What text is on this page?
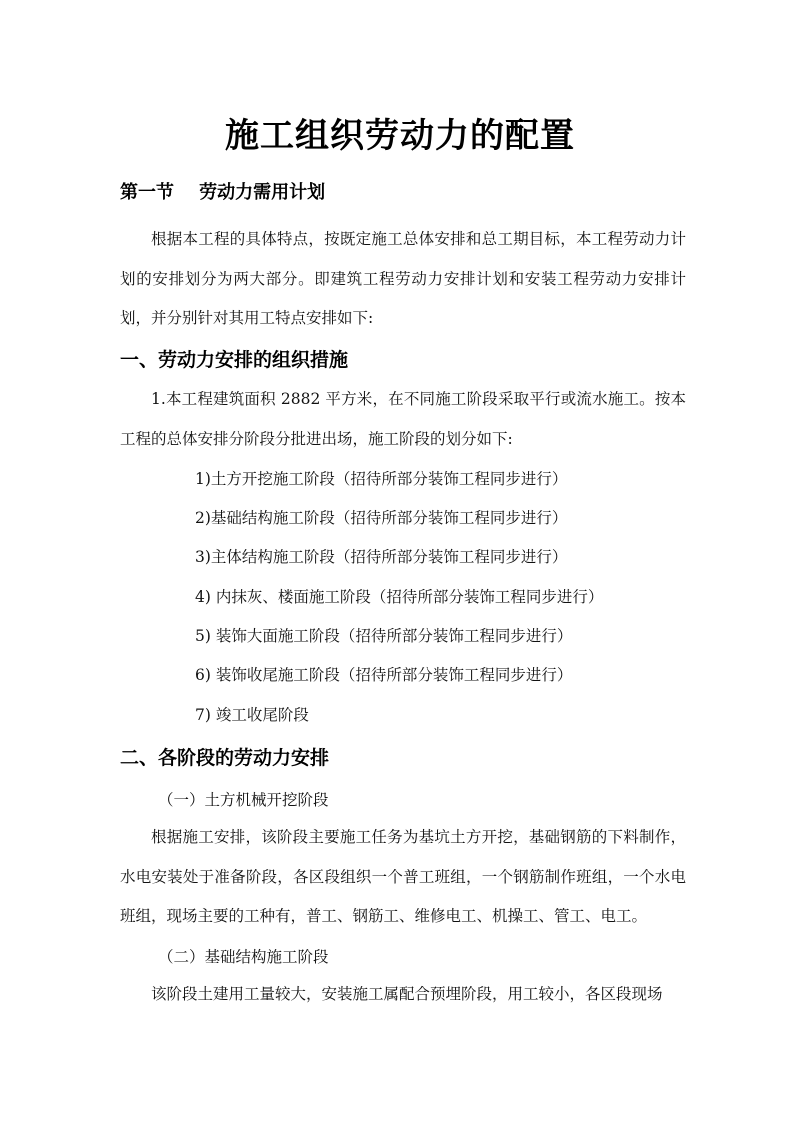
施工组织劳动力的配置
第一节    劳动力需用计划
根据本工程的具体特点，按既定施工总体安排和总工期目标，本工程劳动力计划的安排划分为两大部分。即建筑工程劳动力安排计划和安装工程劳动力安排计划，并分别针对其用工特点安排如下:
一、劳动力安排的组织措施
1.本工程建筑面积 2882 平方米，在不同施工阶段采取平行或流水施工。按本工程的总体安排分阶段分批进出场，施工阶段的划分如下:
1)土方开挖施工阶段（招待所部分装饰工程同步进行）
2)基础结构施工阶段（招待所部分装饰工程同步进行）
3)主体结构施工阶段（招待所部分装饰工程同步进行）
4) 内抹灰、楼面施工阶段（招待所部分装饰工程同步进行）
5) 装饰大面施工阶段（招待所部分装饰工程同步进行）
6) 装饰收尾施工阶段（招待所部分装饰工程同步进行）
7) 竣工收尾阶段
二、各阶段的劳动力安排
（一）土方机械开挖阶段
根据施工安排，该阶段主要施工任务为基坑土方开挖，基础钢筋的下料制作，水电安装处于准备阶段，各区段组织一个普工班组，一个钢筋制作班组，一个水电班组，现场主要的工种有，普工、钢筋工、维修电工、机操工、管工、电工。
（二）基础结构施工阶段
该阶段土建用工量较大，安装施工属配合预埋阶段，用工较小，各区段现场
